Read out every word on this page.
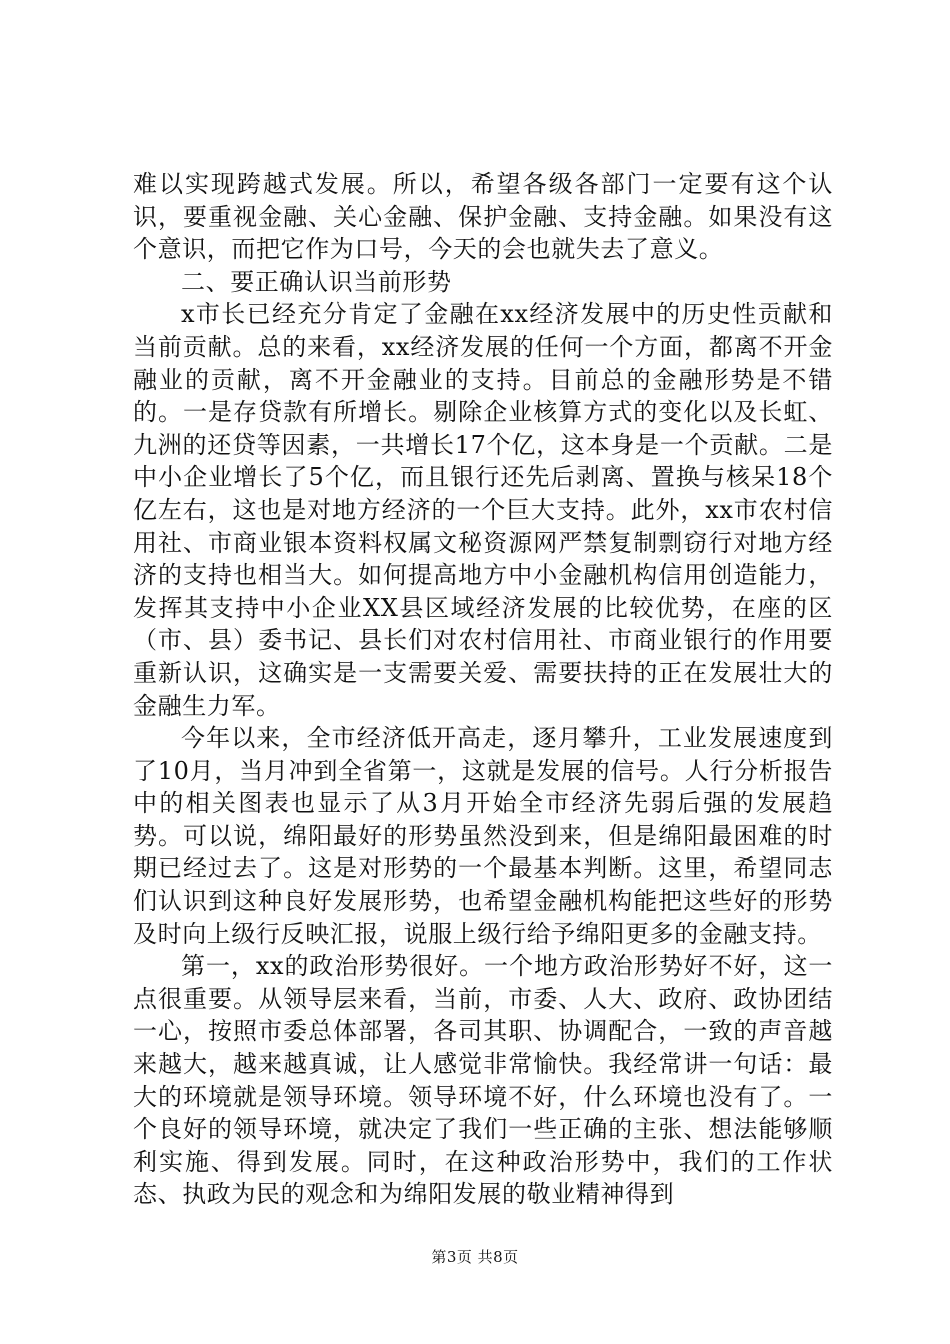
难以实现跨越式发展。所以，希望各级各部门一定要有这个认识，要重视金融、关心金融、保护金融、支持金融。如果没有这个意识，而把它作为口号，今天的会也就失去了意义。

二、要正确认识当前形势

x市长已经充分肯定了金融在xx经济发展中的历史性贡献和当前贡献。总的来看，xx经济发展的任何一个方面，都离不开金融业的贡献，离不开金融业的支持。目前总的金融形势是不错的。一是存贷款有所增长。剔除企业核算方式的变化以及长虹、九洲的还贷等因素，一共增长17个亿，这本身是一个贡献。二是中小企业增长了5个亿，而且银行还先后剥离、置换与核呆18个亿左右，这也是对地方经济的一个巨大支持。此外，xx市农村信用社、市商业银本资料权属文秘资源网严禁复制剽窃行对地方经济的支持也相当大。如何提高地方中小金融机构信用创造能力，发挥其支持中小企业XX县区域经济发展的比较优势，在座的区（市、县）委书记、县长们对农村信用社、市商业银行的作用要重新认识，这确实是一支需要关爱、需要扶持的正在发展壮大的金融生力军。

今年以来，全市经济低开高走，逐月攀升，工业发展速度到了10月，当月冲到全省第一，这就是发展的信号。人行分析报告中的相关图表也显示了从3月开始全市经济先弱后强的发展趋势。可以说，绵阳最好的形势虽然没到来，但是绵阳最困难的时期已经过去了。这是对形势的一个最基本判断。这里，希望同志们认识到这种良好发展形势，也希望金融机构能把这些好的形势及时向上级行反映汇报，说服上级行给予绵阳更多的金融支持。

第一，xx的政治形势很好。一个地方政治形势好不好，这一点很重要。从领导层来看，当前，市委、人大、政府、政协团结一心，按照市委总体部署，各司其职、协调配合，一致的声音越来越大，越来越真诚，让人感觉非常愉快。我经常讲一句话：最大的环境就是领导环境。领导环境不好，什么环境也没有了。一个良好的领导环境，就决定了我们一些正确的主张、想法能够顺利实施、得到发展。同时，在这种政治形势中，我们的工作状态、执政为民的观念和为绵阳发展的敬业精神得到

第3页 共8页
